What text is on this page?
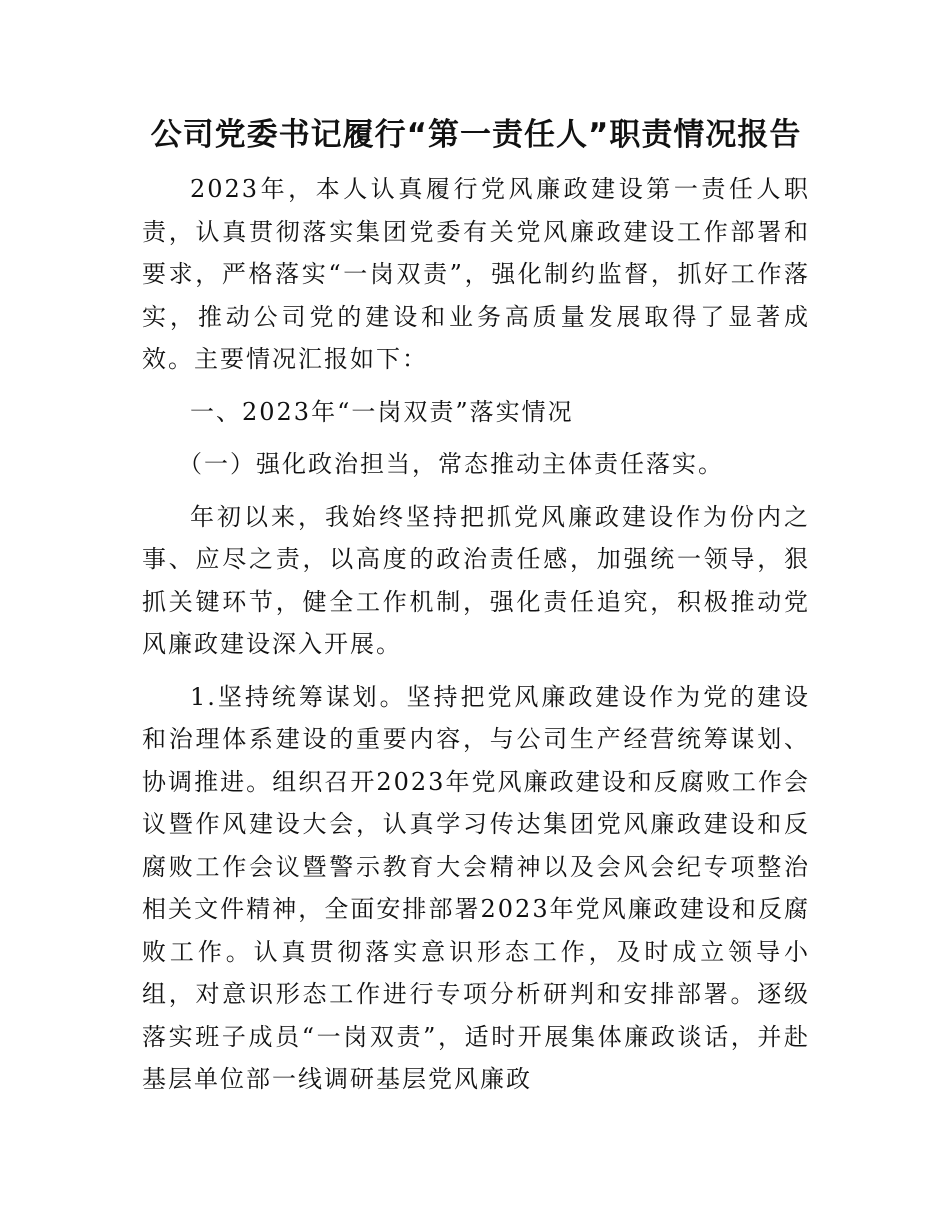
公司党委书记履行“第一责任人”职责情况报告

2023年，本人认真履行党风廉政建设第一责任人职责，认真贯彻落实集团党委有关党风廉政建设工作部署和要求，严格落实“一岗双责”，强化制约监督，抓好工作落实，推动公司党的建设和业务高质量发展取得了显著成效。主要情况汇报如下：

一、2023年“一岗双责”落实情况

（一）强化政治担当，常态推动主体责任落实。

年初以来，我始终坚持把抓党风廉政建设作为份内之事、应尽之责，以高度的政治责任感，加强统一领导，狠抓关键环节，健全工作机制，强化责任追究，积极推动党风廉政建设深入开展。

1.坚持统筹谋划。坚持把党风廉政建设作为党的建设和治理体系建设的重要内容，与公司生产经营统筹谋划、协调推进。组织召开2023年党风廉政建设和反腐败工作会议暨作风建设大会，认真学习传达集团党风廉政建设和反腐败工作会议暨警示教育大会精神以及会风会纪专项整治相关文件精神，全面安排部署2023年党风廉政建设和反腐败工作。认真贯彻落实意识形态工作，及时成立领导小组，对意识形态工作进行专项分析研判和安排部署。逐级落实班子成员“一岗双责”，适时开展集体廉政谈话，并赴基层单位部一线调研基层党风廉政
